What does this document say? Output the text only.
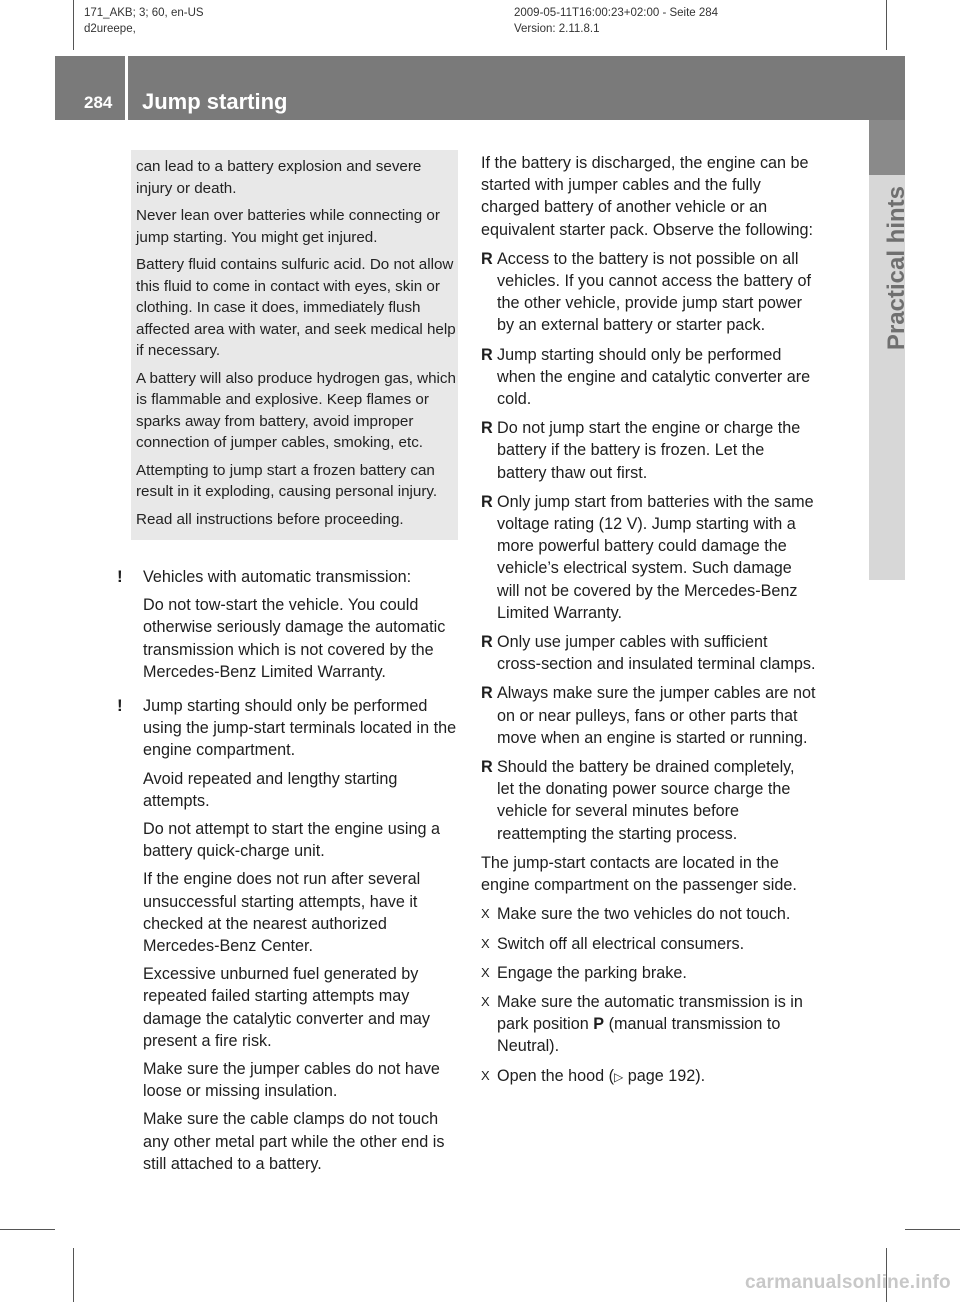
171_AKB; 3; 60, en-US
d2ureepe,
2009-05-11T16:00:23+02:00 - Seite 284
Version: 2.11.8.1
284 Jump starting
Practical hints

can lead to a battery explosion and severe injury or death.

Never lean over batteries while connecting or jump starting. You might get injured.

Battery fluid contains sulfuric acid. Do not allow this fluid to come in contact with eyes, skin or clothing. In case it does, immediately flush affected area with water, and seek medical help if necessary.

A battery will also produce hydrogen gas, which is flammable and explosive. Keep flames or sparks away from battery, avoid improper connection of jumper cables, smoking, etc.

Attempting to jump start a frozen battery can result in it exploding, causing personal injury.

Read all instructions before proceeding.

! Vehicles with automatic transmission:

Do not tow-start the vehicle. You could otherwise seriously damage the automatic transmission which is not covered by the Mercedes-Benz Limited Warranty.

! Jump starting should only be performed using the jump-start terminals located in the engine compartment.

Avoid repeated and lengthy starting attempts.

Do not attempt to start the engine using a battery quick-charge unit.

If the engine does not run after several unsuccessful starting attempts, have it checked at the nearest authorized Mercedes-Benz Center.

Excessive unburned fuel generated by repeated failed starting attempts may damage the catalytic converter and may present a fire risk.

Make sure the jumper cables do not have loose or missing insulation.

Make sure the cable clamps do not touch any other metal part while the other end is still attached to a battery.

If the battery is discharged, the engine can be started with jumper cables and the fully charged battery of another vehicle or an equivalent starter pack. Observe the following:

R Access to the battery is not possible on all vehicles. If you cannot access the battery of the other vehicle, provide jump start power by an external battery or starter pack.
R Jump starting should only be performed when the engine and catalytic converter are cold.
R Do not jump start the engine or charge the battery if the battery is frozen. Let the battery thaw out first.
R Only jump start from batteries with the same voltage rating (12 V). Jump starting with a more powerful battery could damage the vehicle’s electrical system. Such damage will not be covered by the Mercedes-Benz Limited Warranty.
R Only use jumper cables with sufficient cross-section and insulated terminal clamps.
R Always make sure the jumper cables are not on or near pulleys, fans or other parts that move when an engine is started or running.
R Should the battery be drained completely, let the donating power source charge the vehicle for several minutes before reattempting the starting process.

The jump-start contacts are located in the engine compartment on the passenger side.

X Make sure the two vehicles do not touch.
X Switch off all electrical consumers.
X Engage the parking brake.
X Make sure the automatic transmission is in park position P (manual transmission to Neutral).
X Open the hood (▷ page 192).
carmanualsonline.info
